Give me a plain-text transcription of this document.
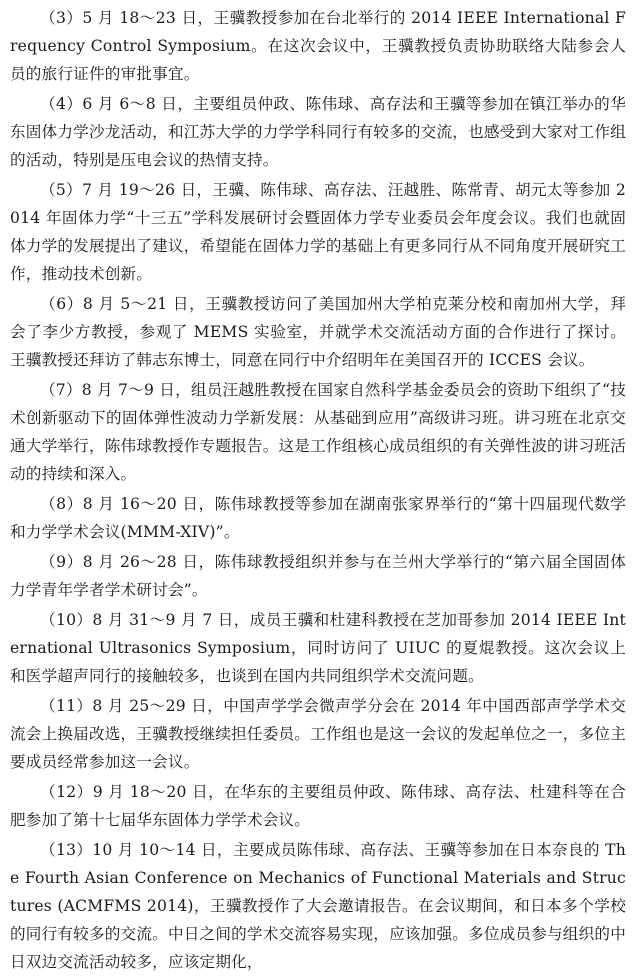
（3）5 月 18～23 日，王骥教授参加在台北举行的 2014 IEEE International Frequency Control Symposium。在这次会议中，王骥教授负责协助联络大陆参会人员的旅行证件的审批事宜。

（4）6 月 6～8 日，主要组员仲政、陈伟球、高存法和王骥等参加在镇江举办的华东固体力学沙龙活动，和江苏大学的力学学科同行有较多的交流，也感受到大家对工作组的活动，特别是压电会议的热情支持。

（5）7 月 19～26 日，王骥、陈伟球、高存法、汪越胜、陈常青、胡元太等参加 2014 年固体力学“十三五”学科发展研讨会暨固体力学专业委员会年度会议。我们也就固体力学的发展提出了建议，希望能在固体力学的基础上有更多同行从不同角度开展研究工作，推动技术创新。

（6）8 月 5～21 日，王骥教授访问了美国加州大学柏克莱分校和南加州大学，拜会了李少方教授，参观了 MEMS 实验室，并就学术交流活动方面的合作进行了探讨。王骥教授还拜访了韩志东博士，同意在同行中介绍明年在美国召开的 ICCES 会议。

（7）8 月 7～9 日，组员汪越胜教授在国家自然科学基金委员会的资助下组织了“技术创新驱动下的固体弹性波动力学新发展：从基础到应用”高级讲习班。讲习班在北京交通大学举行，陈伟球教授作专题报告。这是工作组核心成员组织的有关弹性波的讲习班活动的持续和深入。

（8）8 月 16～20 日，陈伟球教授等参加在湖南张家界举行的“第十四届现代数学和力学学术会议(MMM-XIV)”。

（9）8 月 26～28 日，陈伟球教授组织并参与在兰州大学举行的“第六届全国固体力学青年学者学术研讨会”。

（10）8 月 31～9 月 7 日，成员王骥和杜建科教授在芝加哥参加 2014 IEEE International Ultrasonics Symposium，同时访问了 UIUC 的夏焜教授。这次会议上和医学超声同行的接触较多，也谈到在国内共同组织学术交流问题。

（11）8 月 25～29 日，中国声学学会微声学分会在 2014 年中国西部声学学术交流会上换届改选，王骥教授继续担任委员。工作组也是这一会议的发起单位之一，多位主要成员经常参加这一会议。

（12）9 月 18～20 日，在华东的主要组员仲政、陈伟球、高存法、杜建科等在合肥参加了第十七届华东固体力学学术会议。

（13）10 月 10～14 日，主要成员陈伟球、高存法、王骥等参加在日本奈良的 The Fourth Asian Conference on Mechanics of Functional Materials and Structures (ACMFMS 2014)，王骥教授作了大会邀请报告。在会议期间，和日本多个学校的同行有较多的交流。中日之间的学术交流容易实现，应该加强。多位成员参与组织的中日双边交流活动较多，应该定期化，
